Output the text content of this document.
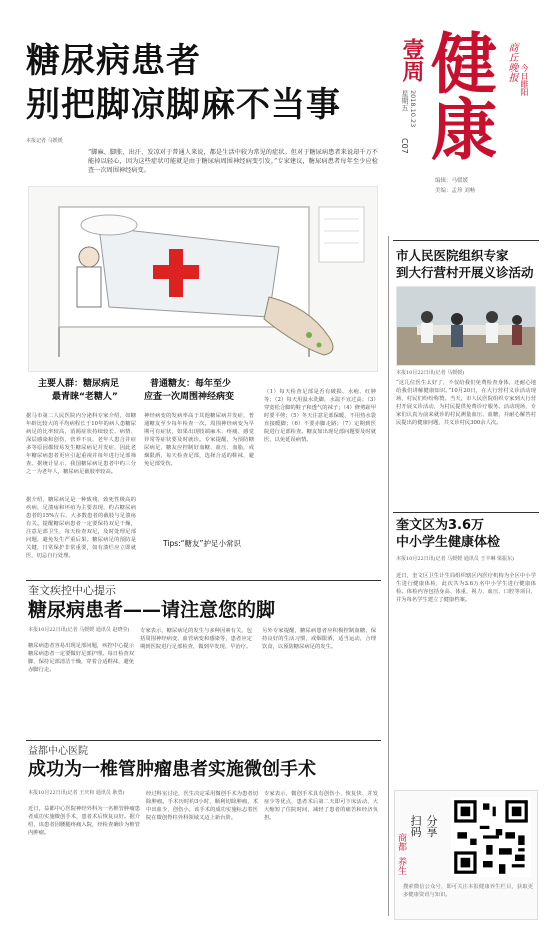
健
康
壹周
星期五 2018.10.23
C07
商丘晚报 今日睢阳
编辑：马媛媛
美编：孟珍 刘畅
糖尿病患者
别把脚凉脚麻不当事
本报记者 马媛媛
“脚麻、脚胀、出汗、发凉对于普通人来说，都是生活中较为常见的症状。但对于糖尿病患者来说却千万不能掉以轻心，因为这些症状可能就是由于糖尿病周围神经病变引发。”专家建议，糖尿病患者每年至少应检查一次周围神经病变。
主要人群：糖尿病足
最青睐“老糖人”
普通糖友：每年至少
应查一次周围神经病变
据马市第二人民医院内分泌科专家介绍，如糖年龄比较大的平均病程长于10年的病人患糖尿病足的比率较高，消渴症状持续较长、病情、深层感染和创伤，营养不良、老年人患合并症多等原因都较易发生糖尿病足并发症，因此老年糖尿病患者更应引起重视并每年进行足部筛查。据统计显示，我国糖尿病足患者中约三分之一为老年人，糖尿病足截肢率较高。
据介绍，糖尿病足是一种致残、致死性极高的疾病，足溃疡和坏疽为主要表现，约占糖尿病患者的15%左右，大多数患者的截肢与足溃疡有关。提醒糖尿病患者一定要保持双足干燥，注意足部卫生，每天检查双足，及时处理足部问题，避免发生严重后果。糖尿病足的预防是关键，日常保护非常重要，如有溃烂应立即就医，切忌自行处理。
神经病变的发病率高于其他糖尿病并发症，普通糖友至少每年检查一次。周围神经病变为早期可有症状，如果出现肢端麻木、疼痛、感觉异常等症状要及时就诊。专家提醒，为预防糖尿病足，糖友应控制好血糖、血压、血脂，戒烟限酒，每天检查足部，选择合适的鞋袜，避免足部受伤。
（1）每天检查足部是否有破损、水疱、红肿等；（2）每天用温水洗脚，水温不宜过高；（3）穿宽松合脚的鞋子和透气的袜子；（4）修剪趾甲时要平剪；（5）冬天注意足部保暖，不用热水袋直接暖脚；（6）不要赤脚走路；（7）定期到医院进行足部检查。糖友如出现足部问题要及时就医，以免延误病情。
Tips:“糖友”护足小常识
奎文疾控中心提示
糖尿病患者——请注意您的脚
本报10月22日讯(记者 马媛媛 通讯员 赵晓莹)
糖尿病患者容易出现足部问题，疾控中心提示糖尿病患者一定要做好足部护理。每日检查双脚，保持足部清洁干燥，穿着合适鞋袜，避免赤脚行走。
专家表示，糖尿病足的发生与多种因素有关，包括周围神经病变、血管病变和感染等，患者应定期到医院进行足部检查，做到早发现、早治疗。
另外专家提醒，糖尿病患者应积极控制血糖，保持良好的生活习惯，戒烟限酒，适当运动，合理饮食，以预防糖尿病足的发生。
益都中心医院
成功为一椎管肿瘤患者实施微创手术
本报10月22日讯(记者 王庆和 通讯员 耿勇)
近日，益都中心医院神经外科为一名椎管肿瘤患者成功实施微创手术，患者术后恢复良好。据介绍，该患者因腰腿疼痛入院，经检查确诊为椎管内肿瘤。
经过科室讨论，医生决定采用微创手术为患者切除肿瘤。手术历时约3小时，顺利切除肿瘤，术中出血少，创伤小。该手术的成功实施标志着医院在微创脊柱外科领域又迈上新台阶。
专家表示，微创手术具有创伤小、恢复快、并发症少等优点，患者术后第二天即可下床活动，大大缩短了住院时间，减轻了患者的痛苦和经济负担。
市人民医院组织专家
到大行营村开展义诊活动
本报10月22日讯(记者 马媛媛)
“这几位医生太好了，不仅给我们免费检查身体，还耐心地给我们讲解健康知识。”10月20日，在大行营村义诊活动现场，村民们纷纷称赞。当天，市人民医院组织专家到大行营村开展义诊活动，为村民提供免费诊疗服务。活动现场，专家们认真为前来就诊的村民测量血压、血糖，并耐心解答村民提出的健康问题，共义诊村民300余人次。
奎文区为3.6万
中小学生健康体检
本报10月22日讯(记者 马媛媛 通讯员 王丰琳 梁振东)
近日，奎文区卫生计生局组织辖区内医疗机构为全区中小学生进行健康体检，此次共为3.6万名中小学生进行健康体检。体检内容包括身高、体重、视力、血压、口腔等项目，并为每名学生建立了健康档案。
扫码 分享
商都
养生
搜索微信公众号，即可关注本报健康养生栏目，获取更多健康资讯与知识。
